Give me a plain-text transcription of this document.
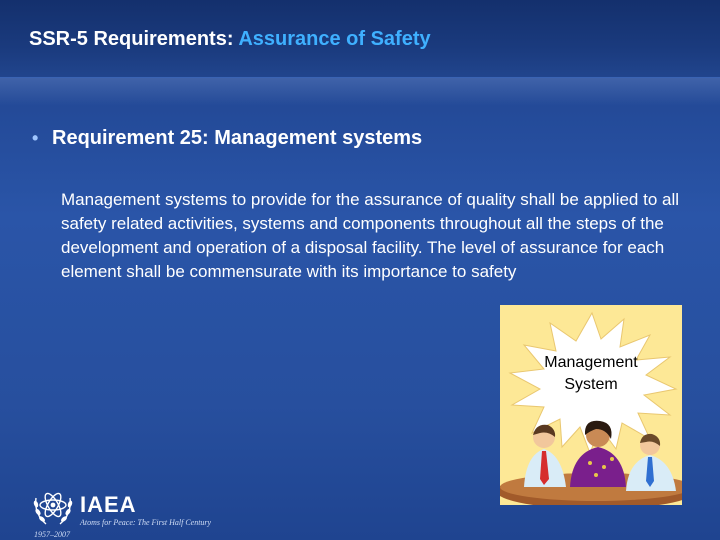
SSR-5 Requirements: Assurance of Safety
• Requirement 25: Management systems
Management systems to provide for the assurance of quality shall be applied to all safety related activities, systems and components throughout all the steps of the development and operation of a disposal facility. The level of assurance for each element shall be commensurate with its importance to safety
Management
System
IAEA
Atoms for Peace: The First Half Century
1957–2007
